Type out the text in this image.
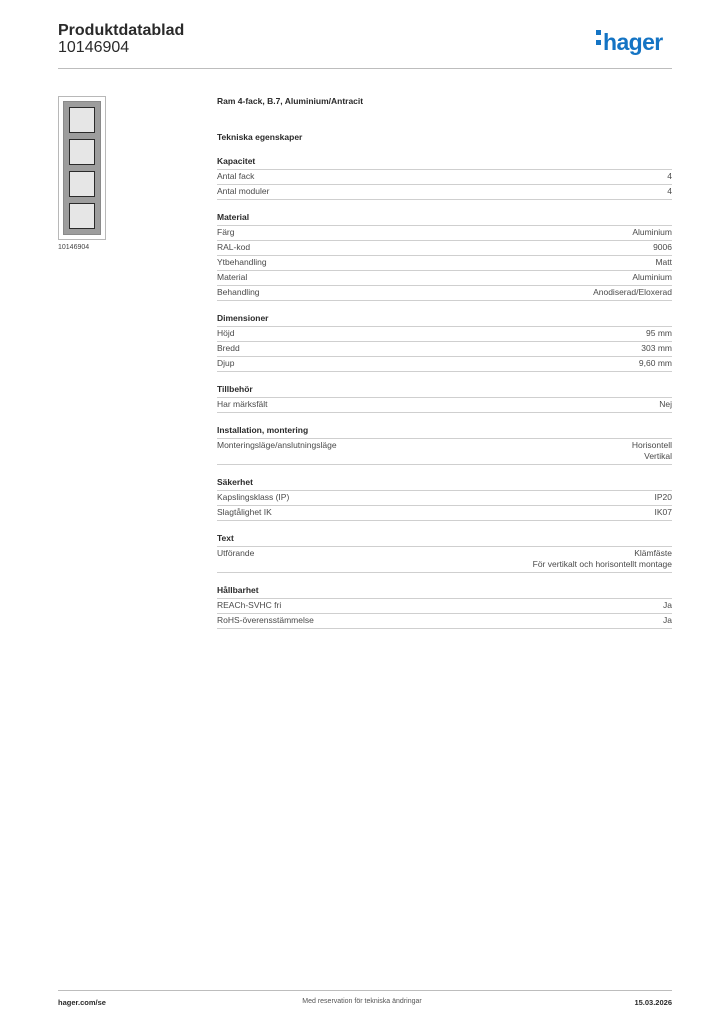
Produktdatablad
10146904	hager
10146904
Ram 4-fack, B.7, Aluminium/Antracit
Tekniska egenskaper
Kapacitet
Antal fack	4
Antal moduler	4
Material
Färg	Aluminium
RAL-kod	9006
Ytbehandling	Matt
Material	Aluminium
Behandling	Anodiserad/Eloxerad
Dimensioner
Höjd	95 mm
Bredd	303 mm
Djup	9,60 mm
Tillbehör
Har märksfält	Nej
Installation, montering
Monteringsläge/anslutningsläge	Horisontell
Vertikal
Säkerhet
Kapslingsklass (IP)	IP20
Slagtålighet IK	IK07
Text
Utförande	Klämfäste
För vertikalt och horisontellt montage
Hållbarhet
REACh-SVHC fri	Ja
RoHS-överensstämmelse	Ja
hager.com/se	Med reservation för tekniska ändringar	15.03.2026
